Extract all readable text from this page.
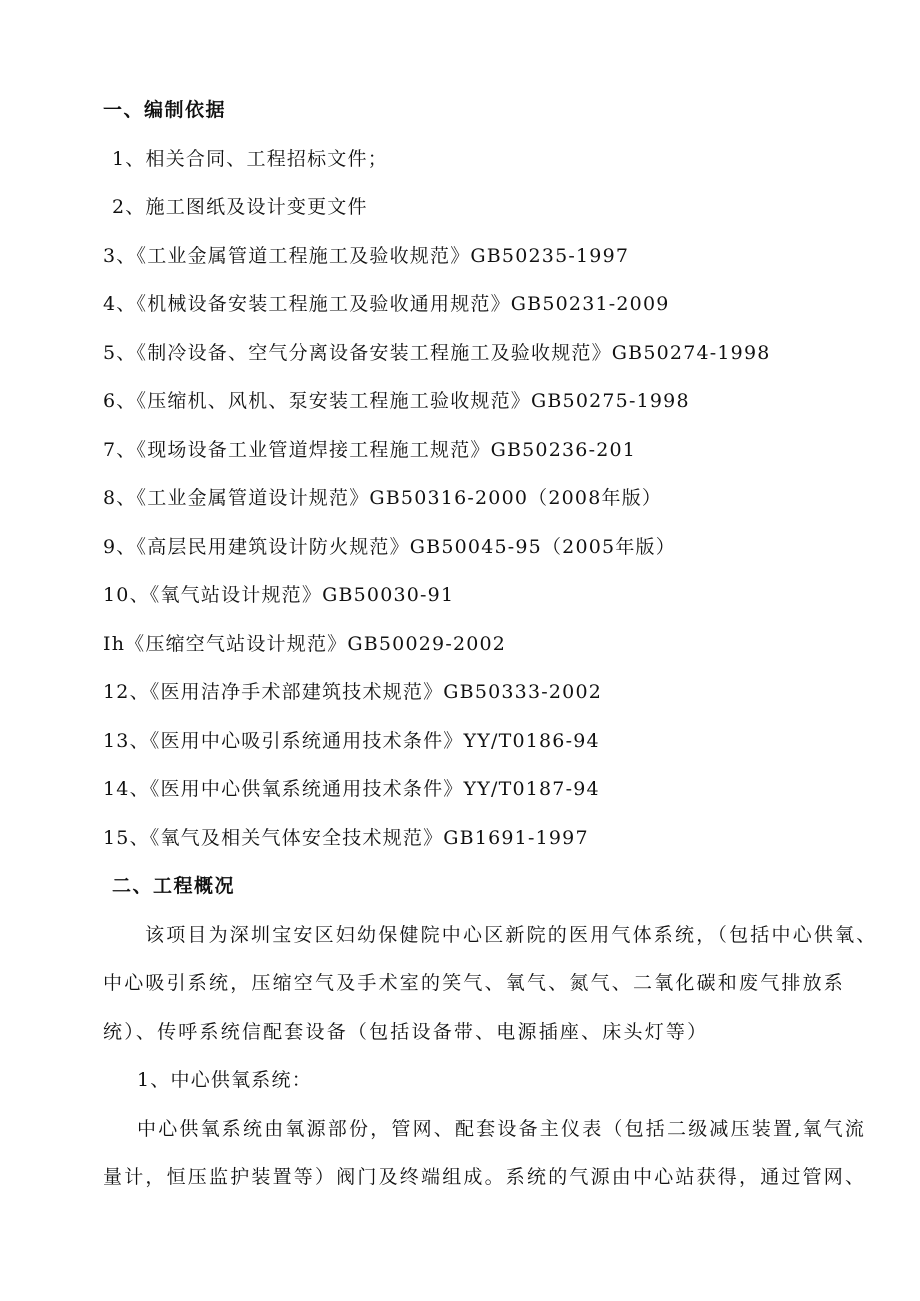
一、编制依据
1、相关合同、工程招标文件；
2、施工图纸及设计变更文件
3、《工业金属管道工程施工及验收规范》GB50235-1997
4、《机械设备安装工程施工及验收通用规范》GB50231-2009
5、《制冷设备、空气分离设备安装工程施工及验收规范》GB50274-1998
6、《压缩机、风机、泵安装工程施工验收规范》GB50275-1998
7、《现场设备工业管道焊接工程施工规范》GB50236-201
8、《工业金属管道设计规范》GB50316-2000（2008年版）
9、《高层民用建筑设计防火规范》GB50045-95（2005年版）
10、《氧气站设计规范》GB50030-91
Ih《压缩空气站设计规范》GB50029-2002
12、《医用洁净手术部建筑技术规范》GB50333-2002
13、《医用中心吸引系统通用技术条件》YY/T0186-94
14、《医用中心供氧系统通用技术条件》YY/T0187-94
15、《氧气及相关气体安全技术规范》GB1691-1997
二、工程概况
该项目为深圳宝安区妇幼保健院中心区新院的医用气体系统，（包括中心供氧、
中心吸引系统，压缩空气及手术室的笑气、氧气、氮气、二氧化碳和废气排放系
统）、传呼系统信配套设备（包括设备带、电源插座、床头灯等）
1、中心供氧系统：
中心供氧系统由氧源部份，管网、配套设备主仪表（包括二级减压装置,氧气流
量计，恒压监护装置等）阀门及终端组成。系统的气源由中心站获得，通过管网、
